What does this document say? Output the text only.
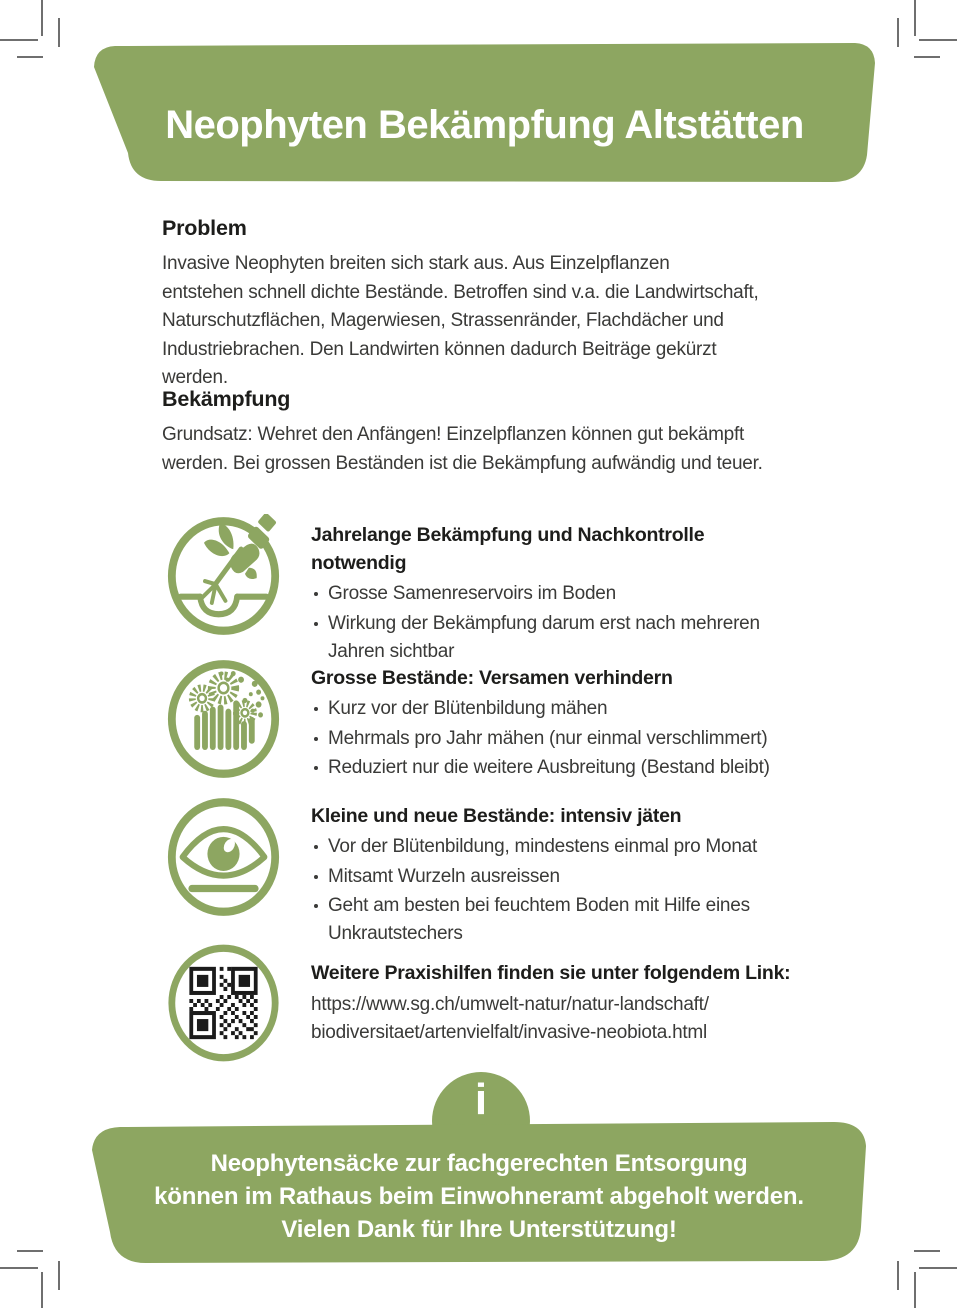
Neophyten Bekämpfung Altstätten
Problem
Invasive Neophyten breiten sich stark aus. Aus Einzelpflanzen
entstehen schnell dichte Bestände. Betroffen sind v.a. die Landwirtschaft,
Naturschutzflächen, Magerwiesen, Strassenränder, Flachdächer und
Industriebrachen. Den Landwirten können dadurch Beiträge gekürzt
werden.
Bekämpfung
Grundsatz: Wehret den Anfängen! Einzelpflanzen können gut bekämpft
werden. Bei grossen Beständen ist die Bekämpfung aufwändig und teuer.
Jahrelange Bekämpfung und Nachkontrolle
notwendig
Grosse Samenreservoirs im Boden
Wirkung der Bekämpfung darum erst nach mehreren
Jahren sichtbar
Grosse Bestände: Versamen verhindern
Kurz vor der Blütenbildung mähen
Mehrmals pro Jahr mähen (nur einmal verschlimmert)
Reduziert nur die weitere Ausbreitung (Bestand bleibt)
Kleine und neue Bestände: intensiv jäten
Vor der Blütenbildung, mindestens einmal pro Monat
Mitsamt Wurzeln ausreissen
Geht am besten bei feuchtem Boden mit Hilfe eines
Unkrautstechers
Weitere Praxishilfen finden sie unter folgendem Link:
https://www.sg.ch/umwelt-natur/natur-landschaft/
biodiversitaet/artenvielfalt/invasive-neobiota.html
i
Neophytensäcke zur fachgerechten Entsorgung
können im Rathaus beim Einwohneramt abgeholt werden.
Vielen Dank für Ihre Unterstützung!
